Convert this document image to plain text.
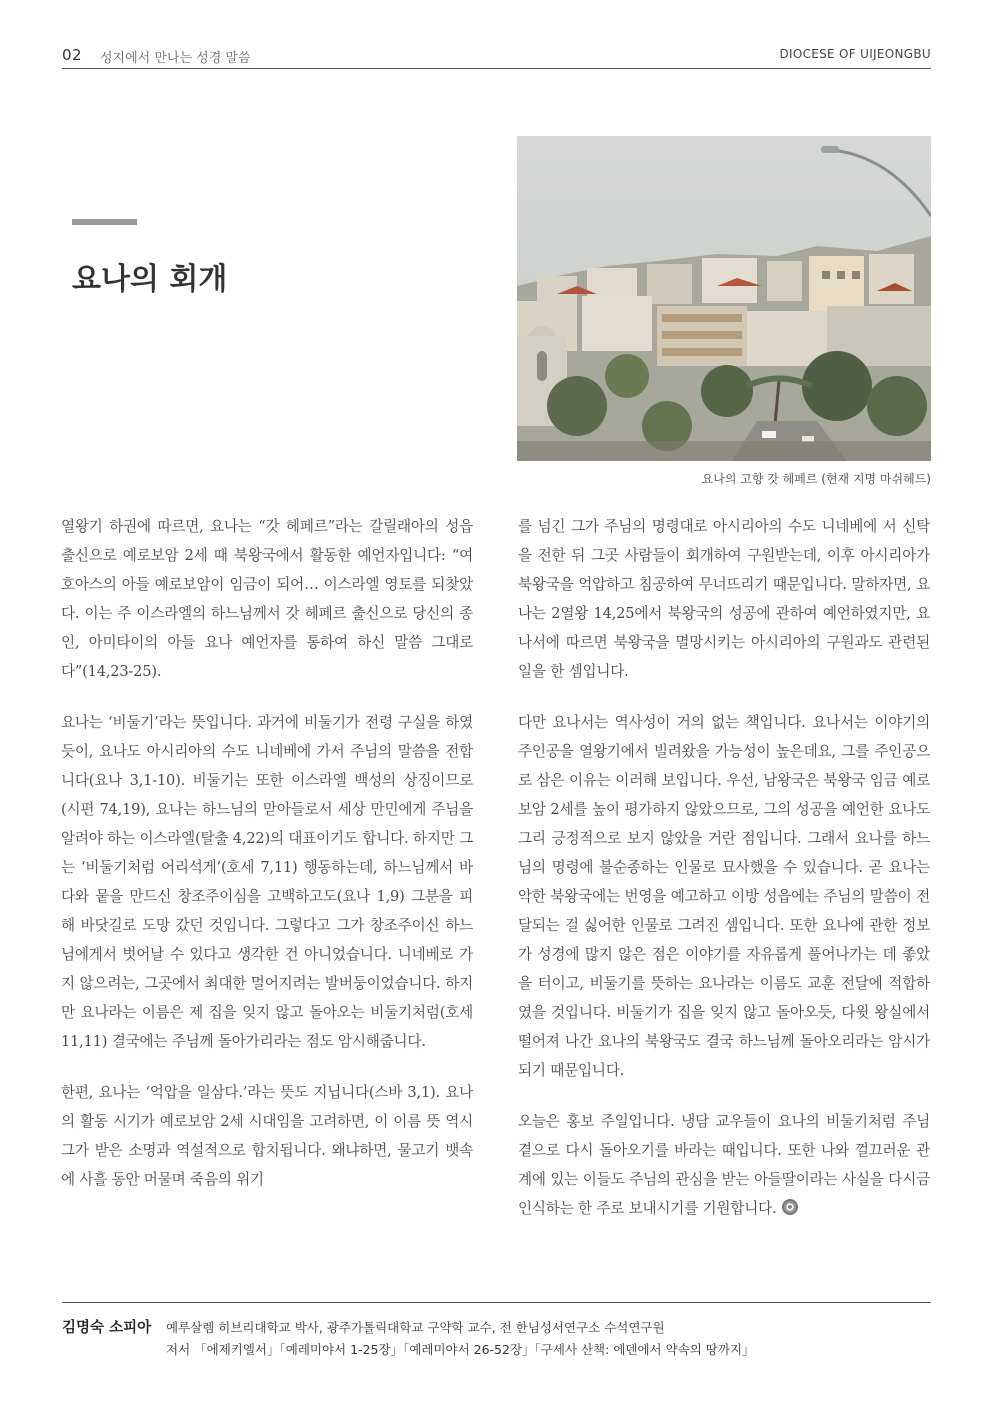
02 성지에서 만나는 성경 말씀	DIOCESE OF UIJEONGBU
요나의 회개
요나의 고향 갓 헤페르 (현재 지명 마쉬헤드)

열왕기 하권에 따르면, 요나는 “갓 헤페르”라는 갈릴래아의 성읍 출신으로 예로보암 2세 때 북왕국에서 활동한 예언자입니다: “여호아스의 아들 예로보암이 임금이 되어… 이스라엘 영토를 되찾았다. 이는 주 이스라엘의 하느님께서 갓 헤페르 출신으로 당신의 종인, 아미타이의 아들 요나 예언자를 통하여 하신 말씀 그대로다”(14,23-25).

요나는 ‘비둘기’라는 뜻입니다. 과거에 비둘기가 전령 구실을 하였듯이, 요나도 아시리아의 수도 니네베에 가서 주님의 말씀을 전합니다(요나 3,1-10). 비둘기는 또한 이스라엘 백성의 상징이므로(시편 74,19), 요나는 하느님의 맏아들로서 세상 만민에게 주님을 알려야 하는 이스라엘(탈출 4,22)의 대표이기도 합니다. 하지만 그는 ‘비둘기처럼 어리석게’(호세 7,11) 행동하는데, 하느님께서 바다와 뭍을 만드신 창조주이심을 고백하고도(요나 1,9) 그분을 피해 바닷길로 도망 갔던 것입니다. 그렇다고 그가 창조주이신 하느님에게서 벗어날 수 있다고 생각한 건 아니었습니다. 니네베로 가지 않으려는, 그곳에서 최대한 멀어지려는 발버둥이었습니다. 하지만 요나라는 이름은 제 집을 잊지 않고 돌아오는 비둘기처럼(호세 11,11) 결국에는 주님께 돌아가리라는 점도 암시해줍니다.

한편, 요나는 ‘억압을 일삼다.’라는 뜻도 지닙니다(스바 3,1). 요나의 활동 시기가 예로보암 2세 시대임을 고려하면, 이 이름 뜻 역시 그가 받은 소명과 역설적으로 합치됩니다. 왜냐하면, 물고기 뱃속에 사흘 동안 머물며 죽음의 위기

를 넘긴 그가 주님의 명령대로 아시리아의 수도 니네베에 서 신탁을 전한 뒤 그곳 사람들이 회개하여 구원받는데, 이후 아시리아가 북왕국을 억압하고 침공하여 무너뜨리기 때문입니다. 말하자면, 요나는 2열왕 14,25에서 북왕국의 성공에 관하여 예언하였지만, 요나서에 따르면 북왕국을 멸망시키는 아시리아의 구원과도 관련된 일을 한 셈입니다.

다만 요나서는 역사성이 거의 없는 책입니다. 요나서는 이야기의 주인공을 열왕기에서 빌려왔을 가능성이 높은데요, 그를 주인공으로 삼은 이유는 이러해 보입니다. 우선, 남왕국은 북왕국 임금 예로보암 2세를 높이 평가하지 않았으므로, 그의 성공을 예언한 요나도 그리 긍정적으로 보지 않았을 거란 점입니다. 그래서 요나를 하느님의 명령에 불순종하는 인물로 묘사했을 수 있습니다. 곧 요나는 악한 북왕국에는 번영을 예고하고 이방 성읍에는 주님의 말씀이 전달되는 걸 싫어한 인물로 그려진 셈입니다. 또한 요나에 관한 정보가 성경에 많지 않은 점은 이야기를 자유롭게 풀어나가는 데 좋았을 터이고, 비둘기를 뜻하는 요나라는 이름도 교훈 전달에 적합하였을 것입니다. 비둘기가 집을 잊지 않고 돌아오듯, 다윗 왕실에서 떨어져 나간 요나의 북왕국도 결국 하느님께 돌아오리라는 암시가 되기 때문입니다.

오늘은 홍보 주일입니다. 냉담 교우들이 요나의 비둘기처럼 주님 곁으로 다시 돌아오기를 바라는 때입니다. 또한 나와 껄끄러운 관계에 있는 이들도 주님의 관심을 받는 아들딸이라는 사실을 다시금 인식하는 한 주로 보내시기를 기원합니다.

김명숙 소피아 예루살렘 히브리대학교 박사, 광주가톨릭대학교 구약학 교수, 전 한님성서연구소 수석연구원
저서 「에제키엘서」「예레미야서 1-25장」「예레미야서 26-52장」「구세사 산책: 에덴에서 약속의 땅까지」
